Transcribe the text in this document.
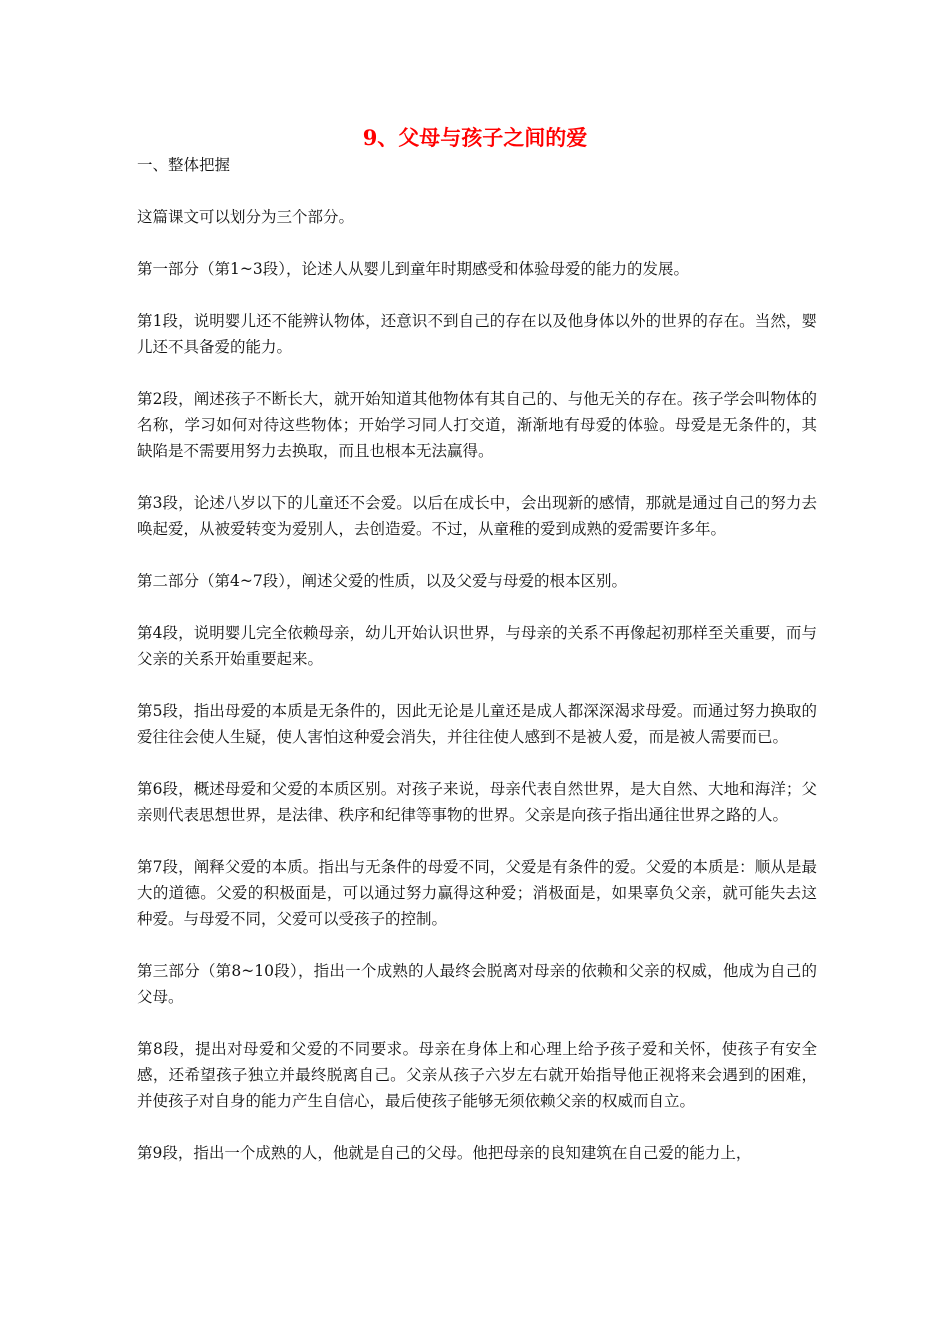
9、父母与孩子之间的爱

一、整体把握

这篇课文可以划分为三个部分。

第一部分（第1~3段），论述人从婴儿到童年时期感受和体验母爱的能力的发展。

第1段，说明婴儿还不能辨认物体，还意识不到自己的存在以及他身体以外的世界的存在。当然，婴儿还不具备爱的能力。

第2段，阐述孩子不断长大，就开始知道其他物体有其自己的、与他无关的存在。孩子学会叫物体的名称，学习如何对待这些物体；开始学习同人打交道，渐渐地有母爱的体验。母爱是无条件的，其缺陷是不需要用努力去换取，而且也根本无法赢得。

第3段，论述八岁以下的儿童还不会爱。以后在成长中，会出现新的感情，那就是通过自己的努力去唤起爱，从被爱转变为爱别人，去创造爱。不过，从童稚的爱到成熟的爱需要许多年。

第二部分（第4~7段），阐述父爱的性质，以及父爱与母爱的根本区别。

第4段，说明婴儿完全依赖母亲，幼儿开始认识世界，与母亲的关系不再像起初那样至关重要，而与父亲的关系开始重要起来。

第5段，指出母爱的本质是无条件的，因此无论是儿童还是成人都深深渴求母爱。而通过努力换取的爱往往会使人生疑，使人害怕这种爱会消失，并往往使人感到不是被人爱，而是被人需要而已。

第6段，概述母爱和父爱的本质区别。对孩子来说，母亲代表自然世界，是大自然、大地和海洋；父亲则代表思想世界，是法律、秩序和纪律等事物的世界。父亲是向孩子指出通往世界之路的人。

第7段，阐释父爱的本质。指出与无条件的母爱不同，父爱是有条件的爱。父爱的本质是：顺从是最大的道德。父爱的积极面是，可以通过努力赢得这种爱；消极面是，如果辜负父亲，就可能失去这种爱。与母爱不同，父爱可以受孩子的控制。

第三部分（第8~10段），指出一个成熟的人最终会脱离对母亲的依赖和父亲的权威，他成为自己的父母。

第8段，提出对母爱和父爱的不同要求。母亲在身体上和心理上给予孩子爱和关怀，使孩子有安全感，还希望孩子独立并最终脱离自己。父亲从孩子六岁左右就开始指导他正视将来会遇到的困难，并使孩子对自身的能力产生自信心，最后使孩子能够无须依赖父亲的权威而自立。

第9段，指出一个成熟的人，他就是自己的父母。他把母亲的良知建筑在自己爱的能力上，
